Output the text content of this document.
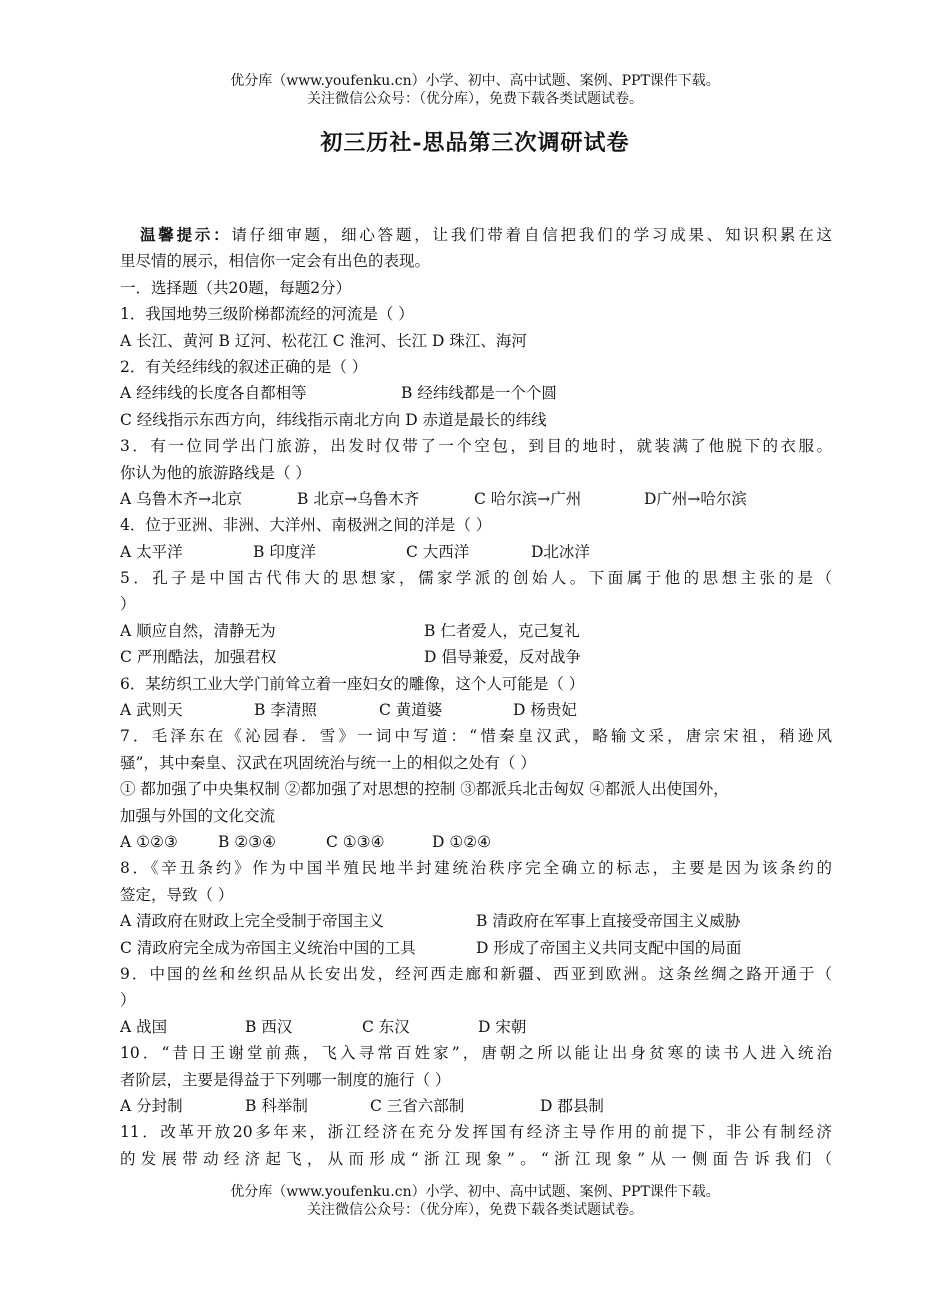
优分库（www.youfenku.cn）小学、初中、高中试题、案例、PPT课件下载。
关注微信公众号：（优分库），免费下载各类试题试卷。
初三历社-思品第三次调研试卷
温馨提示：请仔细审题，细心答题，让我们带着自信把我们的学习成果、知识积累在这
里尽情的展示，相信你一定会有出色的表现。
一．选择题（共20题，每题2分）
1．我国地势三级阶梯都流经的河流是（ ）
A 长江、黄河 B 辽河、松花江 C 淮河、长江 D 珠江、海河
2．有关经纬线的叙述正确的是（ ）
A 经纬线的长度各自都相等	B 经纬线都是一个个圆
C 经线指示东西方向，纬线指示南北方向 D 赤道是最长的纬线
3．有一位同学出门旅游，出发时仅带了一个空包，到目的地时，就装满了他脱下的衣服。
你认为他的旅游路线是（ ）
A 乌鲁木齐→北京	B 北京→乌鲁木齐	C 哈尔滨→广州	D广州→哈尔滨
4．位于亚洲、非洲、大洋州、南极洲之间的洋是（ ）
A 太平洋	B 印度洋	C 大西洋	D北冰洋
5．孔子是中国古代伟大的思想家，儒家学派的创始人。下面属于他的思想主张的是（
）
A 顺应自然，清静无为	B 仁者爱人，克己复礼
C 严刑酷法，加强君权	D 倡导兼爱，反对战争
6．某纺织工业大学门前耸立着一座妇女的雕像，这个人可能是（ ）
A 武则天	B 李清照	C 黄道婆	D 杨贵妃
7．毛泽东在《沁园春．雪》一词中写道：“惜秦皇汉武，略输文采，唐宗宋祖，稍逊风
骚”，其中秦皇、汉武在巩固统治与统一上的相似之处有（ ）
① 都加强了中央集权制 ②都加强了对思想的控制 ③都派兵北击匈奴 ④都派人出使国外，
加强与外国的文化交流
A ①②③	B ②③④	C ①③④	D ①②④
8．《辛丑条约》作为中国半殖民地半封建统治秩序完全确立的标志，主要是因为该条约的
签定，导致（ ）
A 清政府在财政上完全受制于帝国主义	B 清政府在军事上直接受帝国主义威胁
C 清政府完全成为帝国主义统治中国的工具	D 形成了帝国主义共同支配中国的局面
9．中国的丝和丝织品从长安出发，经河西走廊和新疆、西亚到欧洲。这条丝绸之路开通于（
）
A 战国	B 西汉	C 东汉	D 宋朝
10．“昔日王谢堂前燕，飞入寻常百姓家”，唐朝之所以能让出身贫寒的读书人进入统治
者阶层，主要是得益于下列哪一制度的施行（ ）
A 分封制	B 科举制	C 三省六部制	D 郡县制
11．改革开放20多年来，浙江经济在充分发挥国有经济主导作用的前提下，非公有制经济
的发展带动经济起飞，从而形成“浙江现象”。“浙江现象”从一侧面告诉我们（
优分库（www.youfenku.cn）小学、初中、高中试题、案例、PPT课件下载。
关注微信公众号：（优分库），免费下载各类试题试卷。
